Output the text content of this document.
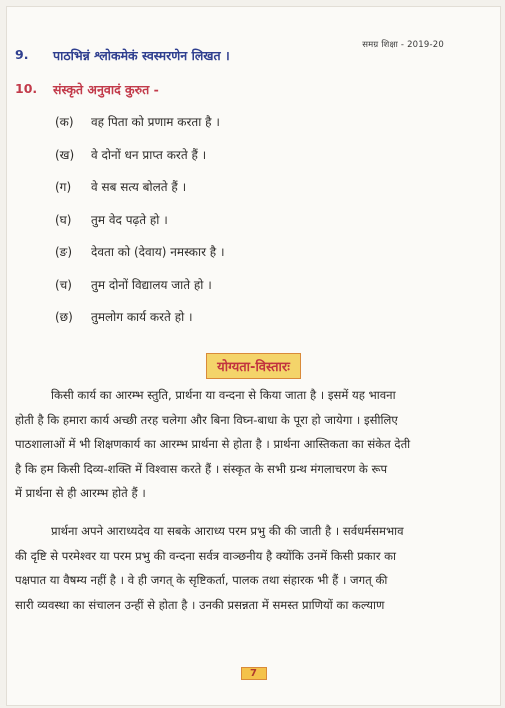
समग्र शिक्षा - 2019-20
9.	पाठभिन्नं श्लोकमेकं स्वस्मरणेन लिखत ।
10.	संस्कृते अनुवादं कुरुत -
(क)	वह पिता को प्रणाम करता है ।
(ख)	वे दोनों धन प्राप्त करते हैं ।
(ग)	वे सब सत्य बोलते हैं ।
(घ)	तुम वेद पढ़ते हो ।
(ङ)	देवता को (देवाय) नमस्कार है ।
(च)	तुम दोनों विद्यालय जाते हो ।
(छ)	तुमलोग कार्य करते हो ।
योग्यता-विस्तारः
किसी कार्य का आरम्भ स्तुति, प्रार्थना या वन्दना से किया जाता है । इसमें यह भावना
होती है कि हमारा कार्य अच्छी तरह चलेगा और बिना विघ्न-बाधा के पूरा हो जायेगा । इसीलिए
पाठशालाओं में भी शिक्षणकार्य का आरम्भ प्रार्थना से होता है । प्रार्थना आस्तिकता का संकेत देती
है कि हम किसी दिव्य-शक्ति में विश्वास करते हैं । संस्कृत के सभी ग्रन्थ मंगलाचरण के रूप
में प्रार्थना से ही आरम्भ होते हैं ।
प्रार्थना अपने आराध्यदेव या सबके आराध्य परम प्रभु की की जाती है । सर्वधर्मसमभाव
की दृष्टि से परमेश्वर या परम प्रभु की वन्दना सर्वत्र वाञ्छनीय है क्योंकि उनमें किसी प्रकार का
पक्षपात या वैषम्य नहीं है । वे ही जगत् के सृष्टिकर्ता, पालक तथा संहारक भी हैं । जगत् की
सारी व्यवस्था का संचालन उन्हीं से होता है । उनकी प्रसन्नता में समस्त प्राणियों का कल्याण
7
